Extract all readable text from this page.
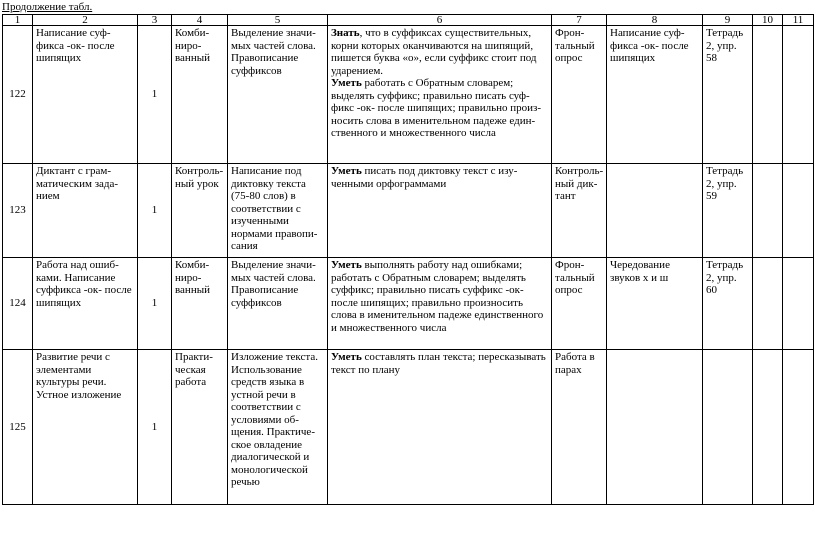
Продолжение табл.
1	2	3	4	5	6	7	8	9	10	11
122	Написание суф-фикса -ок- после шипящих	1	Комби-ниро-ванный	Выделение значи-мых частей слова. Правописание суффиксов	Знать, что в суффиксах существительных, корни которых оканчиваются на шипящий, пишется буква «о», если суффикс стоит под ударением.
Уметь работать с Обратным словарем; выделять суффикс; правильно писать суф-фикс -ок- после шипящих; правильно произ-носить слова в именительном падеже един-ственного и множественного числа	Фрон-тальный опрос	Написание суф-фикса -ок- после шипящих	Тетрадь 2, упр. 58		
123	Диктант с грам-матическим зада-нием	1	Контроль-ный урок	Написание под диктовку текста (75-80 слов) в соответствии с изученными нормами правопи-сания	Уметь писать под диктовку текст с изу-ченными орфограммами	Контроль-ный дик-тант		Тетрадь 2, упр. 59		
124	Работа над ошиб-ками. Написание суффикса -ок- после шипящих	1	Комби-ниро-ванный	Выделение значи-мых частей слова. Правописание суффиксов	Уметь выполнять работу над ошибками; работать с Обратным словарем; выделять суффикс; правильно писать суффикс -ок- после шипящих; правильно произносить слова в именительном падеже единственного и множественного числа	Фрон-тальный опрос	Чередование звуков х и ш	Тетрадь 2, упр. 60		
125	Развитие речи с элементами культуры речи. Устное изложение	1	Практи-ческая работа	Изложение текста. Использование средств языка в устной речи в соответствии с условиями об-щения. Практиче-ское овладение диалогической и монологической речью	Уметь составлять план текста; пересказывать текст по плану	Работа в парах				
